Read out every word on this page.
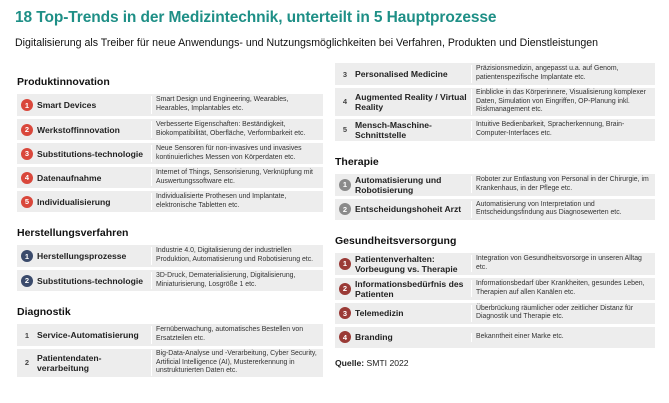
18 Top-Trends in der Medizintechnik, unterteilt in 5 Hauptprozesse
Digitalisierung als Treiber für neue Anwendungs- und Nutzungsmöglichkeiten bei Verfahren, Produkten und Dienstleistungen
Produktinnovation
1 Smart Devices
Smart Design und Engineering, Wearables, Hearables, Implantables etc.
2 Werkstoffinnovation
Verbesserte Eigenschaften: Beständigkeit, Biokompatibilität, Oberfläche, Verformbarkeit etc.
3 Substitutions-technologie
Neue Sensoren für non-invasives und invasives kontinuierliches Messen von Körperdaten etc.
4 Datenaufnahme
Internet of Things, Sensorisierung, Verknüpfung mit Auswertungssoftware etc.
5 Individualisierung
Individualisierte Prothesen und Implantate, elektronische Tabletten etc.
Herstellungsverfahren
1 Herstellungsprozesse
Industrie 4.0, Digitalisierung der industriellen Produktion, Automatisierung und Robotisierung etc.
2 Substitutions-technologie
3D-Druck, Dematerialisierung, Digitalisierung, Miniaturisierung, Losgröße 1 etc.
Diagnostik
1 Service-Automatisierung
Fernüberwachung, automatisches Bestellen von Ersatzteilen etc.
2 Patientendaten-verarbeitung
Big-Data-Analyse und -Verarbeitung, Cyber Security, Artificial Intelligence (AI), Mustererkennung in unstrukturierten Daten etc.
3 Personalised Medicine
Präzisionsmedizin, angepasst u.a. auf Genom, patientenspezifische Implantate etc.
4 Augmented Reality / Virtual Reality
Einblicke in das Körperinnere, Visualisierung komplexer Daten, Simulation von Eingriffen, OP-Planung inkl. Riskmanagement etc.
5 Mensch-Maschine-Schnittstelle
Intuitive Bedienbarkeit, Spracherkennung, Brain-Computer-Interfaces etc.
Therapie
1 Automatisierung und Robotisierung
Roboter zur Entlastung von Personal in der Chirurgie, im Krankenhaus, in der Pflege etc.
2 Entscheidungshoheit Arzt
Automatisierung von Interpretation und Entscheidungsfindung aus Diagnosewerten etc.
Gesundheitsversorgung
1 Patientenverhalten: Vorbeugung vs. Therapie
Integration von Gesundheitsvorsorge in unseren Alltag etc.
2 Informationsbedürfnis des Patienten
Informationsbedarf über Krankheiten, gesundes Leben, Therapien auf allen Kanälen etc.
3 Telemedizin
Überbrückung räumlicher oder zeitlicher Distanz für Diagnostik und Therapie etc.
4 Branding	Bekanntheit einer Marke etc.
Quelle: SMTI 2022
